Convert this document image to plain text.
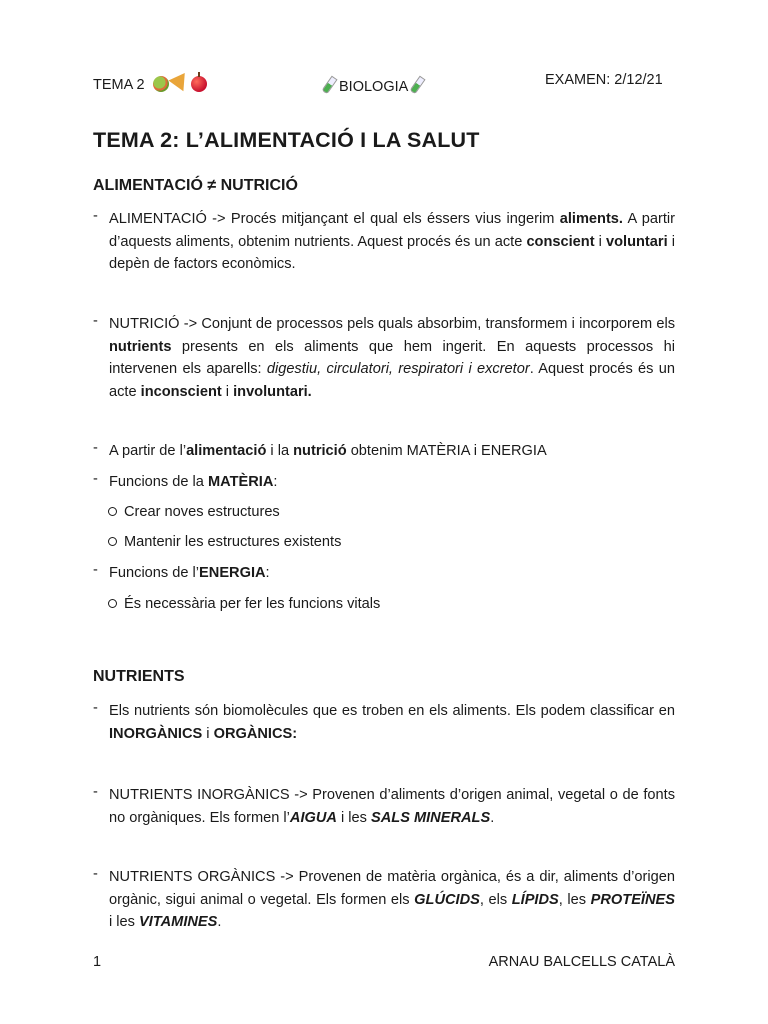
TEMA 2	BIOLOGIA	EXAMEN: 2/12/21
TEMA 2: L’ALIMENTACIÓ I LA SALUT
ALIMENTACIÓ ≠ NUTRICIÓ
- ALIMENTACIÓ -> Procés mitjançant el qual els éssers vius ingerim aliments. A partir d’aquests aliments, obtenim nutrients. Aquest procés és un acte conscient i voluntari i depèn de factors econòmics.
- NUTRICIÓ -> Conjunt de processos pels quals absorbim, transformem i incorporem els nutrients presents en els aliments que hem ingerit. En aquests processos hi intervenen els aparells: digestiu, circulatori, respiratori i excretor. Aquest procés és un acte inconscient i involuntari.
- A partir de l’alimentació i la nutrició obtenim MATÈRIA i ENERGIA
- Funcions de la MATÈRIA:
Crear noves estructures
Mantenir les estructures existents
- Funcions de l’ENERGIA:
És necessària per fer les funcions vitals
NUTRIENTS
- Els nutrients són biomolècules que es troben en els aliments. Els podem classificar en INORGÀNICS i ORGÀNICS:
- NUTRIENTS INORGÀNICS -> Provenen d’aliments d’origen animal, vegetal o de fonts no orgàniques. Els formen l’AIGUA i les SALS MINERALS.
- NUTRIENTS ORGÀNICS -> Provenen de matèria orgànica, és a dir, aliments d’origen orgànic, sigui animal o vegetal. Els formen els GLÚCIDS, els LÍPIDS, les PROTEÏNES i les VITAMINES.
1	ARNAU BALCELLS CATALÀ
